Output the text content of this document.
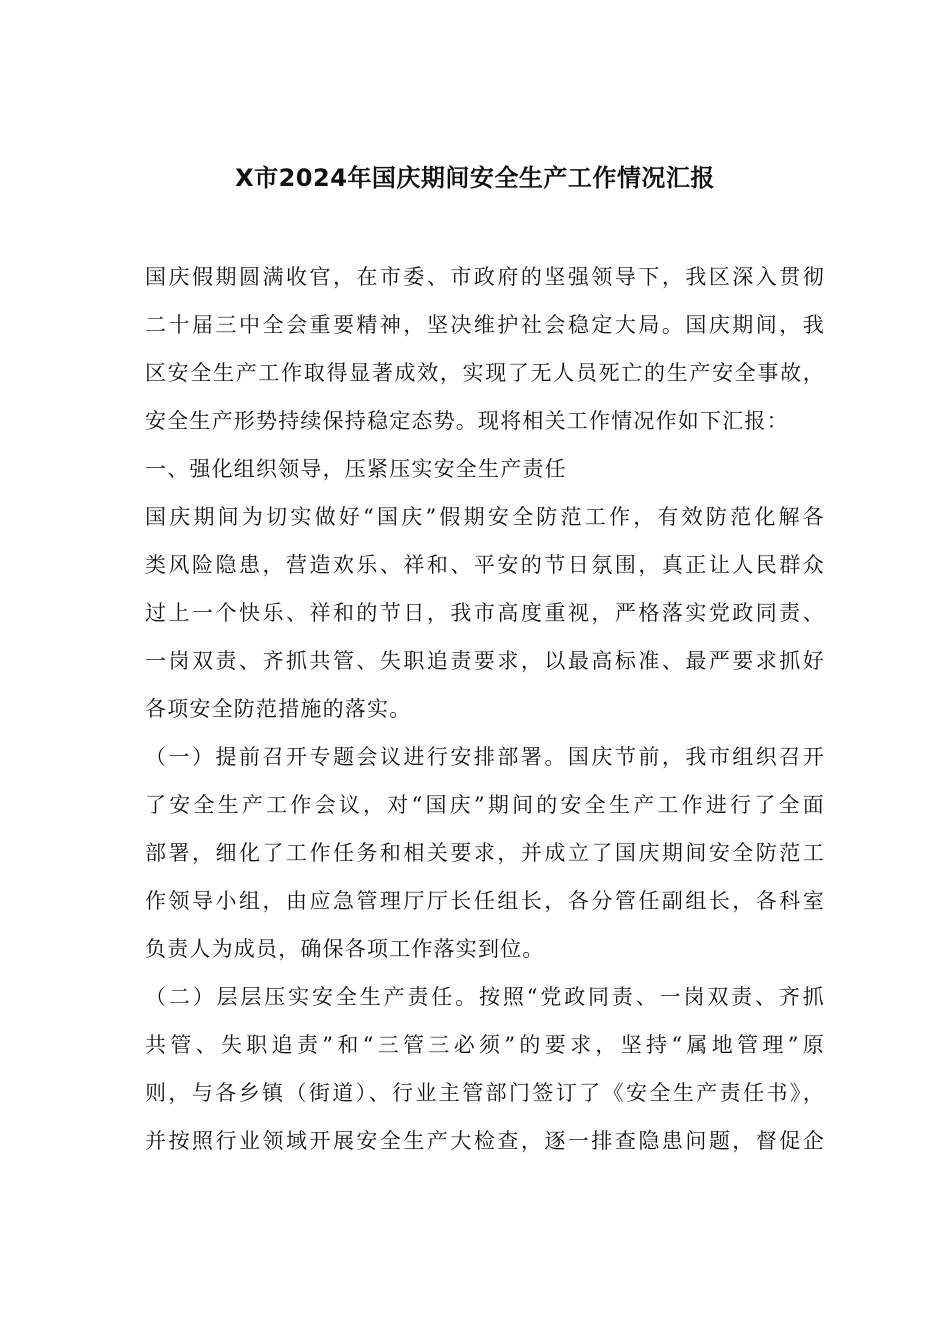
X市2024年国庆期间安全生产工作情况汇报
国庆假期圆满收官，在市委、市政府的坚强领导下，我区深入贯彻
二十届三中全会重要精神，坚决维护社会稳定大局。国庆期间，我
区安全生产工作取得显著成效，实现了无人员死亡的生产安全事故，
安全生产形势持续保持稳定态势。现将相关工作情况作如下汇报：
一、强化组织领导，压紧压实安全生产责任
国庆期间为切实做好“国庆”假期安全防范工作，有效防范化解各
类风险隐患，营造欢乐、祥和、平安的节日氛围，真正让人民群众
过上一个快乐、祥和的节日，我市高度重视，严格落实党政同责、
一岗双责、齐抓共管、失职追责要求，以最高标准、最严要求抓好
各项安全防范措施的落实。
（一）提前召开专题会议进行安排部署。国庆节前，我市组织召开
了安全生产工作会议，对“国庆”期间的安全生产工作进行了全面
部署，细化了工作任务和相关要求，并成立了国庆期间安全防范工
作领导小组，由应急管理厅厅长任组长，各分管任副组长，各科室
负责人为成员，确保各项工作落实到位。
（二）层层压实安全生产责任。按照“党政同责、一岗双责、齐抓
共管、失职追责”和“三管三必须”的要求，坚持“属地管理”原
则，与各乡镇（街道）、行业主管部门签订了《安全生产责任书》，
并按照行业领域开展安全生产大检查，逐一排查隐患问题，督促企
